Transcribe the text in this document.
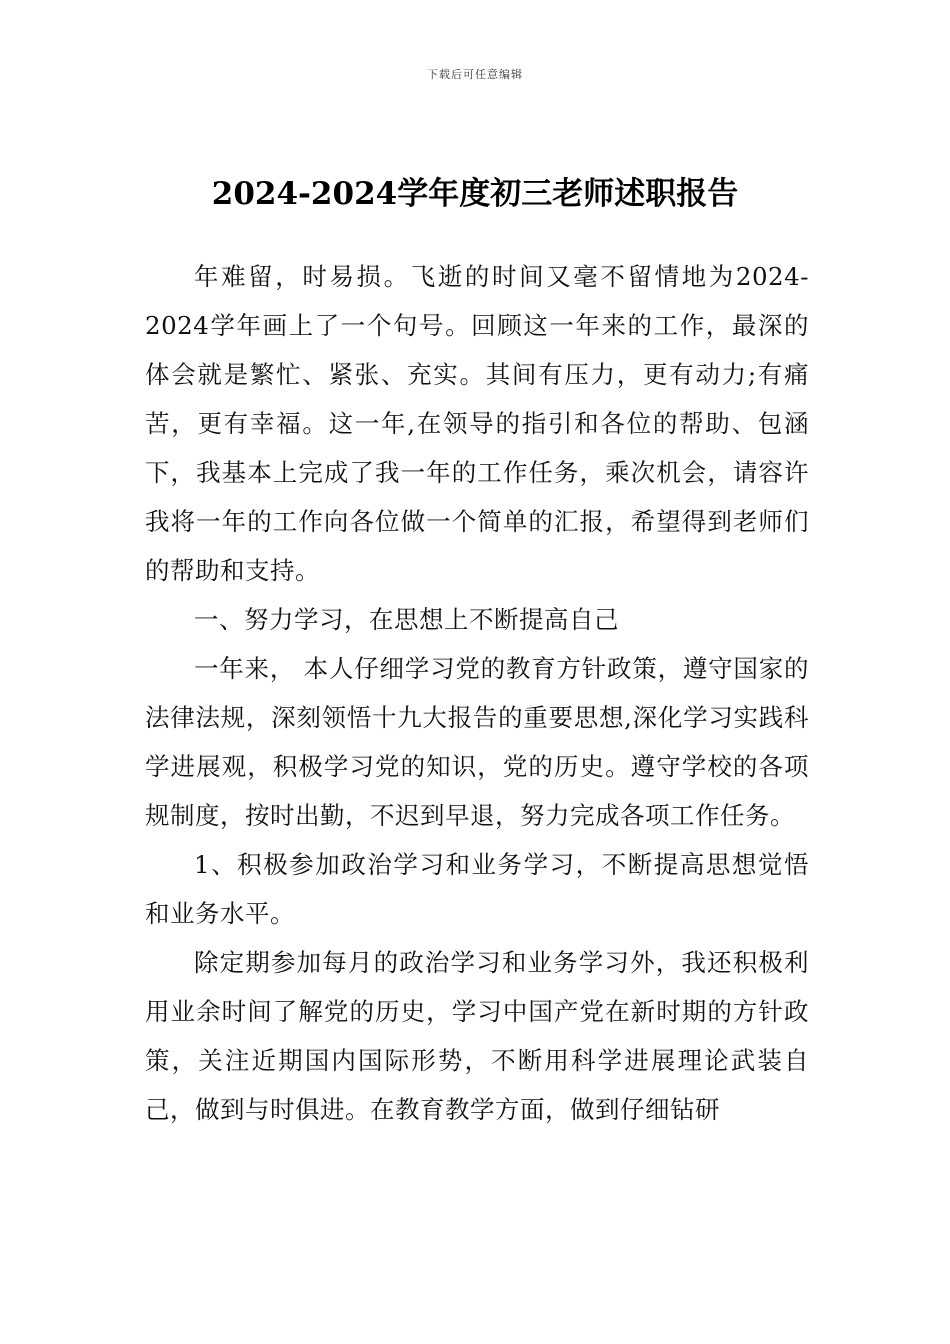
下载后可任意编辑
2024-2024学年度初三老师述职报告

年难留，时易损。飞逝的时间又毫不留情地为2024-2024学年画上了一个句号。回顾这一年来的工作，最深的体会就是繁忙、紧张、充实。其间有压力，更有动力;有痛苦，更有幸福。这一年,在领导的指引和各位的帮助、包涵下，我基本上完成了我一年的工作任务，乘次机会，请容许我将一年的工作向各位做一个简单的汇报，希望得到老师们的帮助和支持。

一、努力学习，在思想上不断提高自己

一年来， 本人仔细学习党的教育方针政策，遵守国家的法律法规，深刻领悟十九大报告的重要思想,深化学习实践科学进展观，积极学习党的知识，党的历史。遵守学校的各项规制度，按时出勤，不迟到早退，努力完成各项工作任务。

1、积极参加政治学习和业务学习，不断提高思想觉悟和业务水平。

除定期参加每月的政治学习和业务学习外，我还积极利用业余时间了解党的历史，学习中国产党在新时期的方针政策，关注近期国内国际形势，不断用科学进展理论武装自己，做到与时俱进。在教育教学方面，做到仔细钻研
